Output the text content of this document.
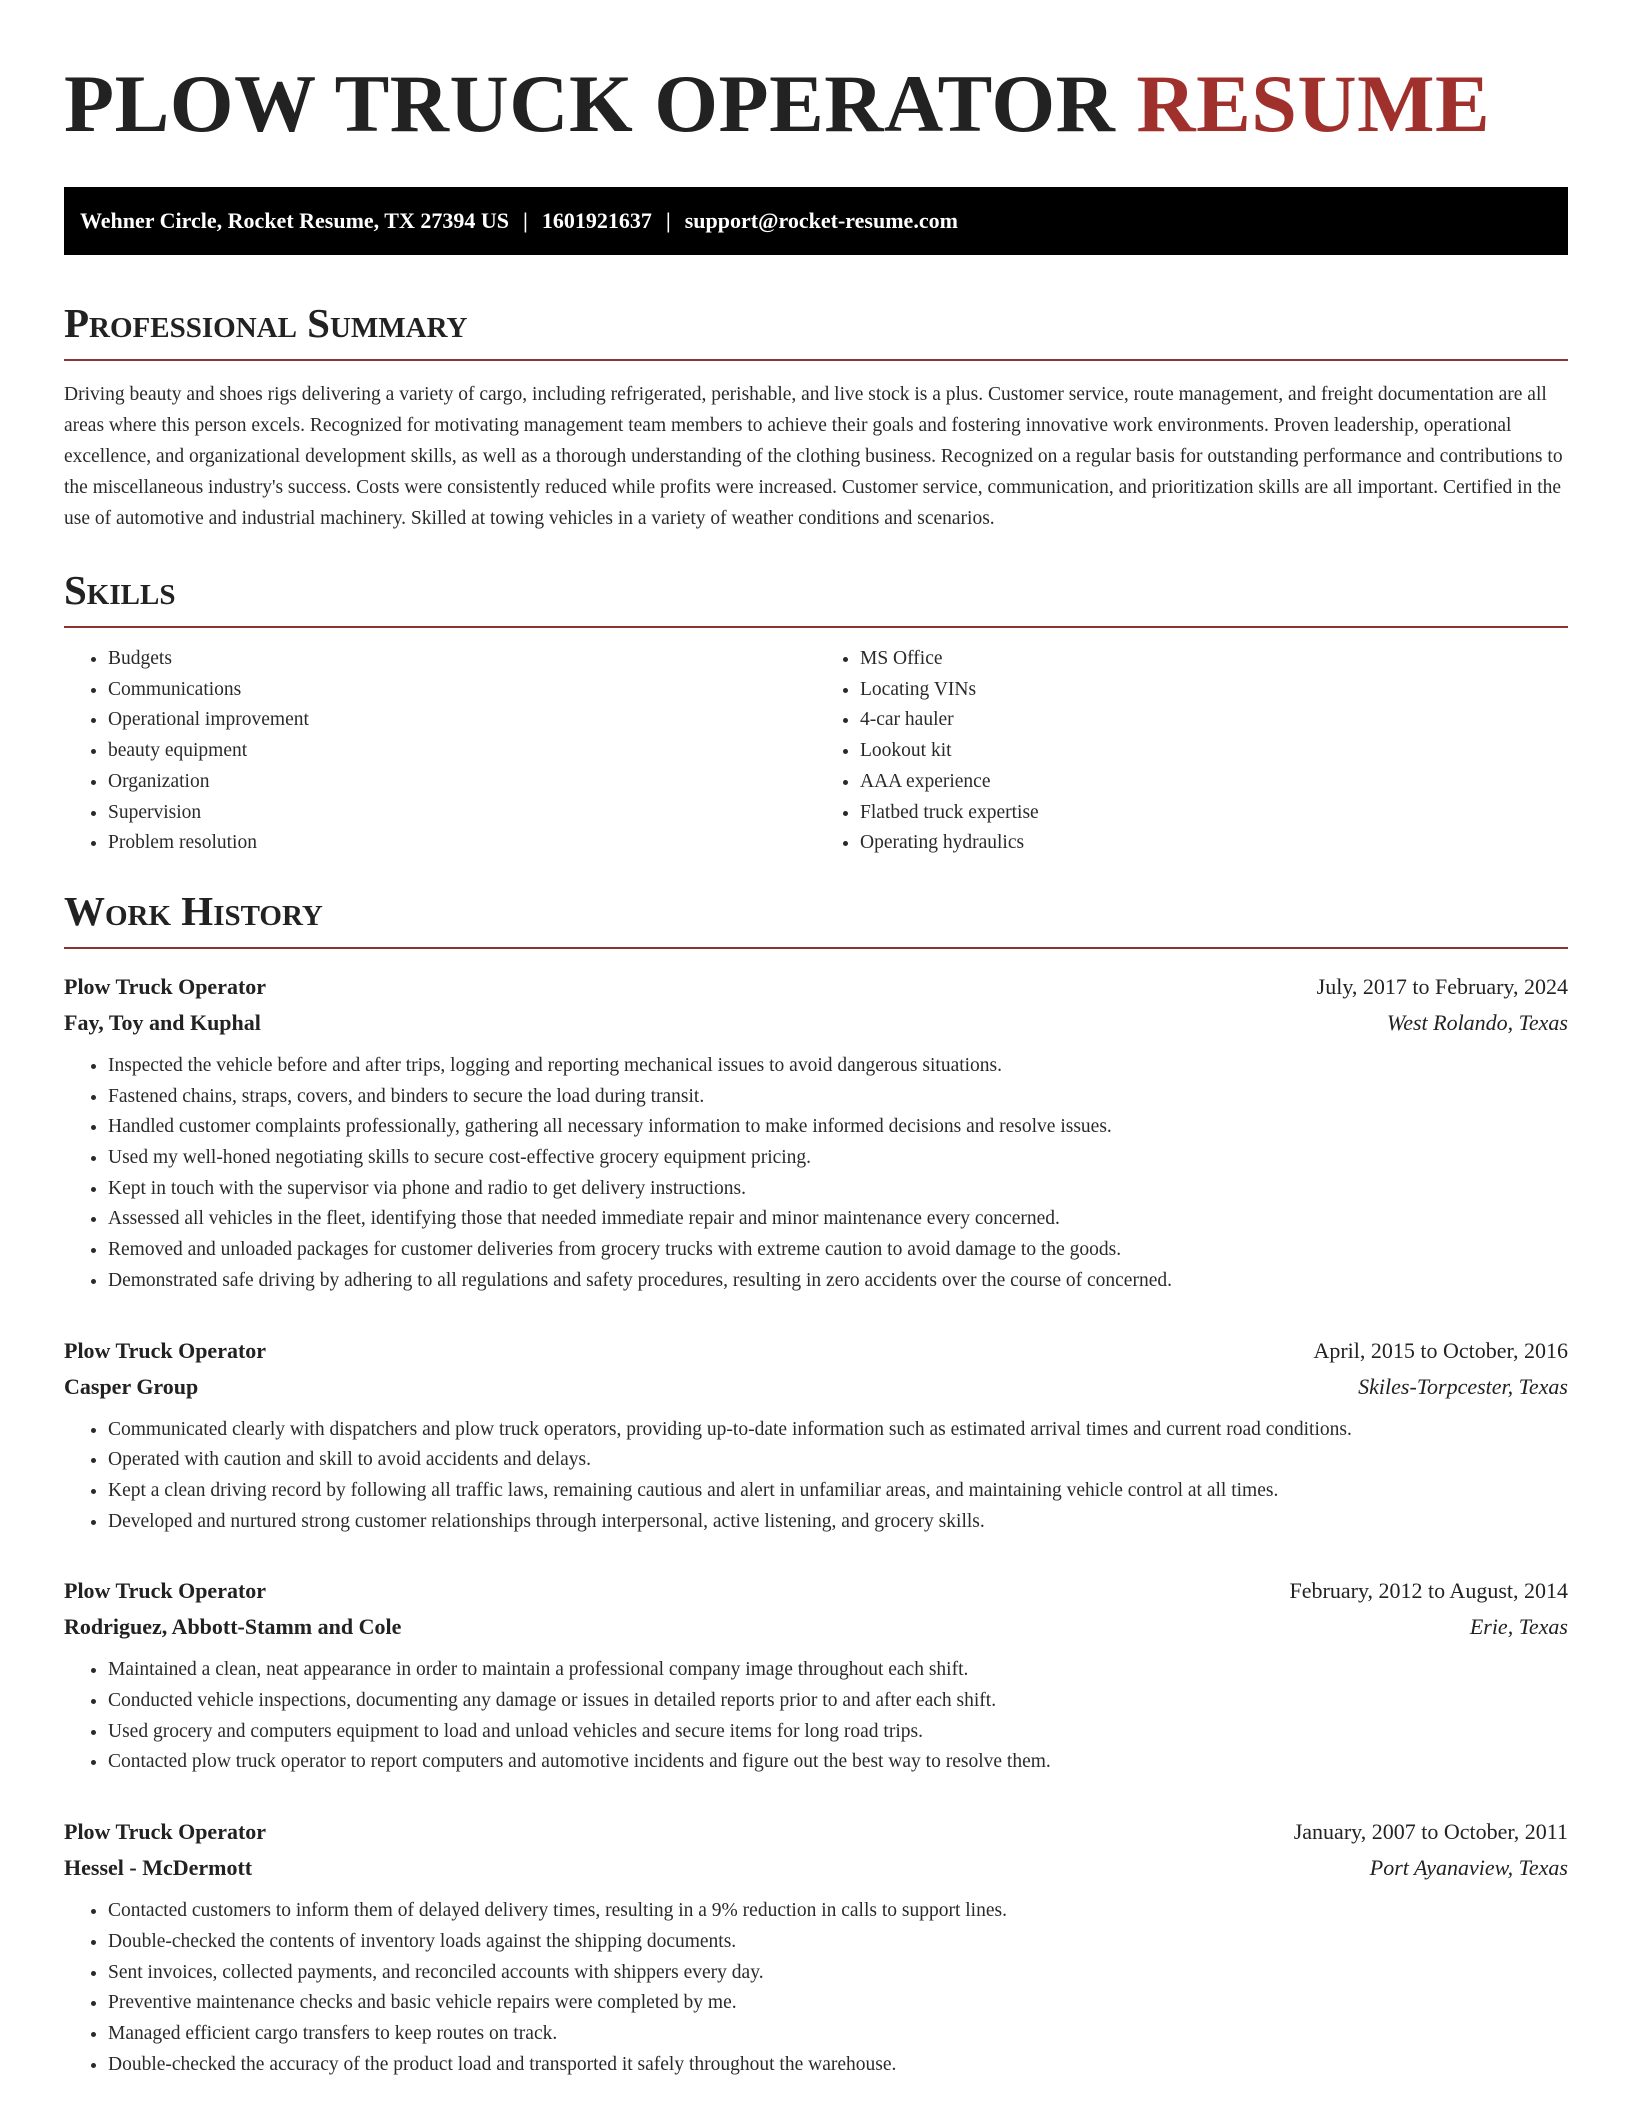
PLOW TRUCK OPERATOR RESUME
Wehner Circle, Rocket Resume, TX 27394 US | 1601921637 | support@rocket-resume.com
Professional Summary

Driving beauty and shoes rigs delivering a variety of cargo, including refrigerated, perishable, and live stock is a plus. Customer service, route management, and freight documentation are all areas where this person excels. Recognized for motivating management team members to achieve their goals and fostering innovative work environments. Proven leadership, operational excellence, and organizational development skills, as well as a thorough understanding of the clothing business. Recognized on a regular basis for outstanding performance and contributions to the miscellaneous industry's success. Costs were consistently reduced while profits were increased. Customer service, communication, and prioritization skills are all important. Certified in the use of automotive and industrial machinery. Skilled at towing vehicles in a variety of weather conditions and scenarios.

Skills
• Budgets
• Communications
• Operational improvement
• beauty equipment
• Organization
• Supervision
• Problem resolution
• MS Office
• Locating VINs
• 4-car hauler
• Lookout kit
• AAA experience
• Flatbed truck expertise
• Operating hydraulics
Work History
Plow Truck Operator	July, 2017 to February, 2024
Fay, Toy and Kuphal	West Rolando, Texas
• Inspected the vehicle before and after trips, logging and reporting mechanical issues to avoid dangerous situations.
• Fastened chains, straps, covers, and binders to secure the load during transit.
• Handled customer complaints professionally, gathering all necessary information to make informed decisions and resolve issues.
• Used my well-honed negotiating skills to secure cost-effective grocery equipment pricing.
• Kept in touch with the supervisor via phone and radio to get delivery instructions.
• Assessed all vehicles in the fleet, identifying those that needed immediate repair and minor maintenance every concerned.
• Removed and unloaded packages for customer deliveries from grocery trucks with extreme caution to avoid damage to the goods.
• Demonstrated safe driving by adhering to all regulations and safety procedures, resulting in zero accidents over the course of concerned.
Plow Truck Operator	April, 2015 to October, 2016
Casper Group	Skiles-Torpcester, Texas
• Communicated clearly with dispatchers and plow truck operators, providing up-to-date information such as estimated arrival times and current road conditions.
• Operated with caution and skill to avoid accidents and delays.
• Kept a clean driving record by following all traffic laws, remaining cautious and alert in unfamiliar areas, and maintaining vehicle control at all times.
• Developed and nurtured strong customer relationships through interpersonal, active listening, and grocery skills.
Plow Truck Operator	February, 2012 to August, 2014
Rodriguez, Abbott-Stamm and Cole	Erie, Texas
• Maintained a clean, neat appearance in order to maintain a professional company image throughout each shift.
• Conducted vehicle inspections, documenting any damage or issues in detailed reports prior to and after each shift.
• Used grocery and computers equipment to load and unload vehicles and secure items for long road trips.
• Contacted plow truck operator to report computers and automotive incidents and figure out the best way to resolve them.
Plow Truck Operator	January, 2007 to October, 2011
Hessel - McDermott	Port Ayanaview, Texas
• Contacted customers to inform them of delayed delivery times, resulting in a 9% reduction in calls to support lines.
• Double-checked the contents of inventory loads against the shipping documents.
• Sent invoices, collected payments, and reconciled accounts with shippers every day.
• Preventive maintenance checks and basic vehicle repairs were completed by me.
• Managed efficient cargo transfers to keep routes on track.
• Double-checked the accuracy of the product load and transported it safely throughout the warehouse.
